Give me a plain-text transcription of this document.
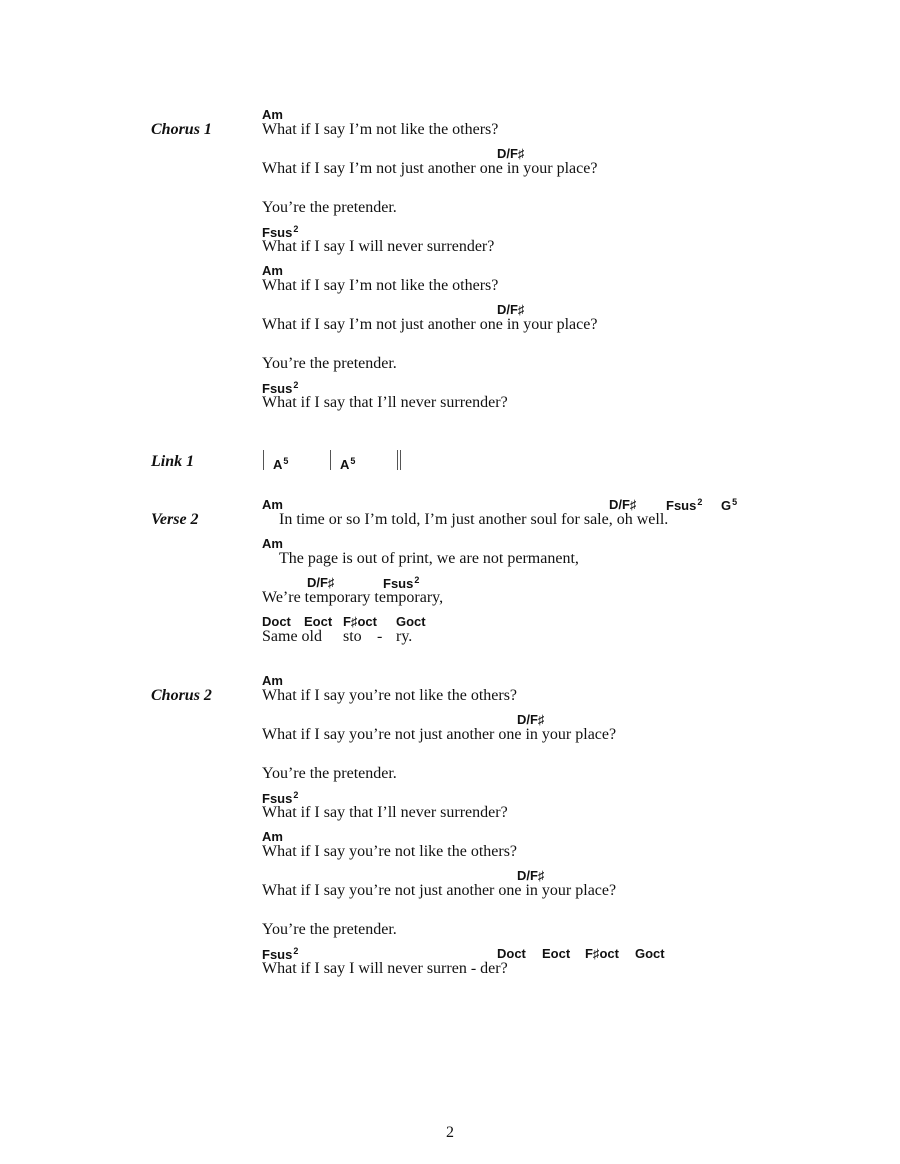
Chorus 1
Am
What if I say I’m not like the others?
D/F♯
What if I say I’m not just another one in your place?
You’re the pretender.
Fsus$^2$
What if I say I will never surrender?
Am
What if I say I’m not like the others?
D/F♯
What if I say I’m not just another one in your place?
You’re the pretender.
Fsus$^2$
What if I say that I’ll never surrender?
Link 1	$A^5$	$A^5$
Verse 2
Am	D/F♯ Fsus$^2$ $G^5$
In time or so I’m told, I’m just another soul for sale, oh well.
Am
The page is out of print, we are not permanent,
D/F♯	Fsus$^2$
We’re temporary temporary,
Doct Eoct F♯oct Goct
Same old sto - ry.
Chorus 2
Am
What if I say you’re not like the others?
D/F♯
What if I say you’re not just another one in your place?
You’re the pretender.
Fsus$^2$
What if I say that I’ll never surrender?
Am
What if I say you’re not like the others?
D/F♯
What if I say you’re not just another one in your place?
You’re the pretender.
Fsus$^2$	Doct Eoct F♯oct Goct
What if I say I will never surren - der?
2
